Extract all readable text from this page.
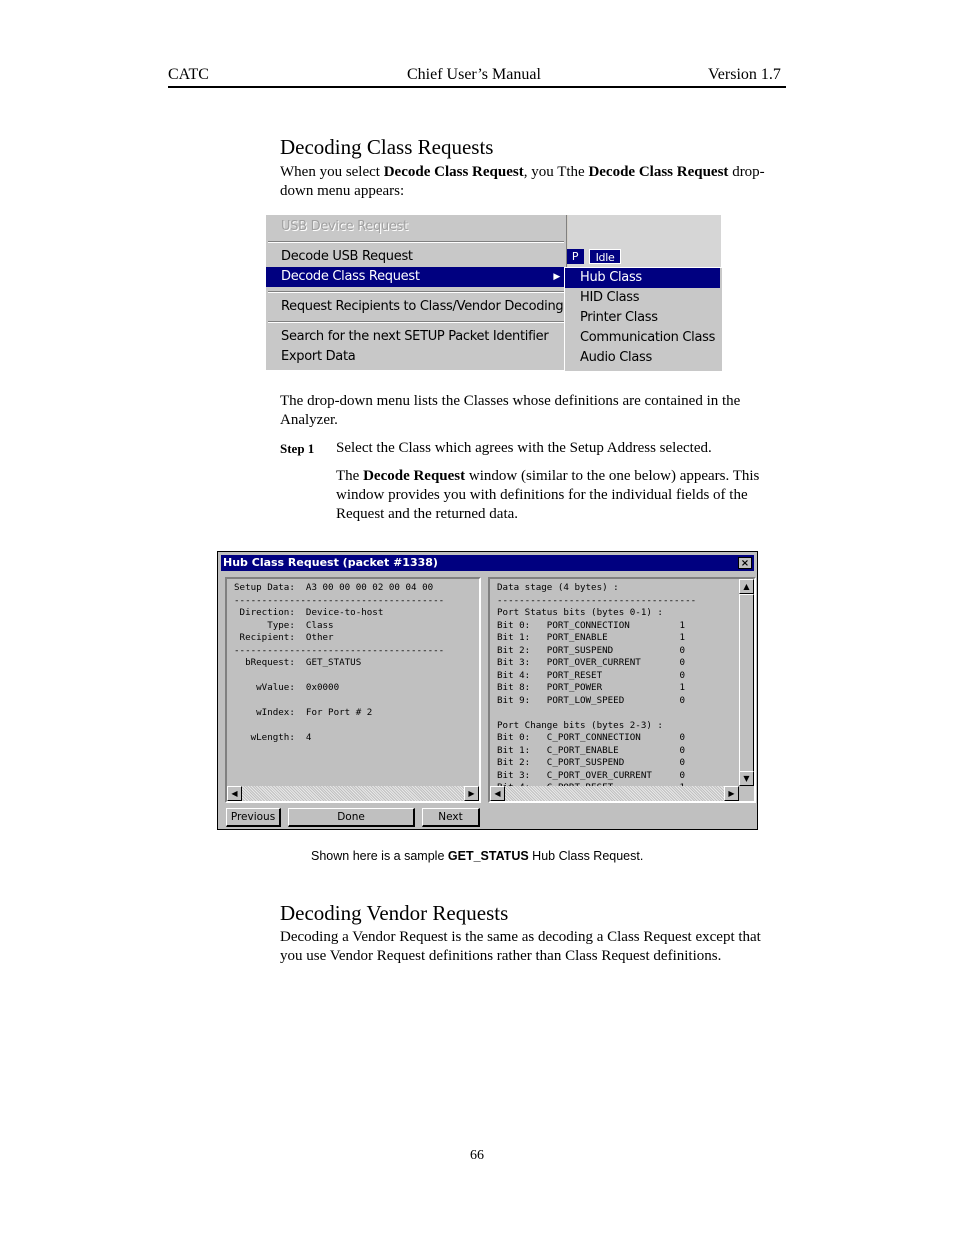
CATC	Chief User’s Manual	Version 1.7
Decoding Class Requests
When you select Decode Class Request, you Tthe Decode Class Request drop-down menu appears:
P	Idle
USB Device Request
Decode USB Request
Decode Class Request	▶
Request Recipients to Class/Vendor Decoding
Search for the next SETUP Packet Identifier
Export Data
Hub Class
HID Class
Printer Class
Communication Class
Audio Class
The drop-down menu lists the Classes whose definitions are contained in the Analyzer.
Step 1 Select the Class which agrees with the Setup Address selected.
The Decode Request window (similar to the one below) appears. This window provides you with definitions for the individual fields of the Request and the returned data.
Hub Class Request (packet #1338)	×
Setup Data:  A3 00 00 00 02 00 04 00
--------------------------------------
Direction:  Device-to-host
Type:  Class
Recipient:  Other
--------------------------------------
bRequest:  GET_STATUS

wValue:  0x0000

wIndex:  For Port # 2

wLength:  4
◀	▶
Data stage (4 bytes) :
------------------------------------
Port Status bits (bytes 0-1) :
Bit 0:   PORT_CONNECTION         1
Bit 1:   PORT_ENABLE             1
Bit 2:   PORT_SUSPEND            0
Bit 3:   PORT_OVER_CURRENT       0
Bit 4:   PORT_RESET              0
Bit 8:   PORT_POWER              1
Bit 9:   PORT_LOW_SPEED          0

Port Change bits (bytes 2-3) :
Bit 0:   C_PORT_CONNECTION       0
Bit 1:   C_PORT_ENABLE           0
Bit 2:   C_PORT_SUSPEND          0
Bit 3:   C_PORT_OVER_CURRENT     0
▲
▼
◀	▶
Previous	Done	Next
Shown here is a sample GET_STATUS Hub Class Request.
Decoding Vendor Requests
Decoding a Vendor Request is the same as decoding a Class Request except that you use Vendor Request definitions rather than Class Request definitions.
66
